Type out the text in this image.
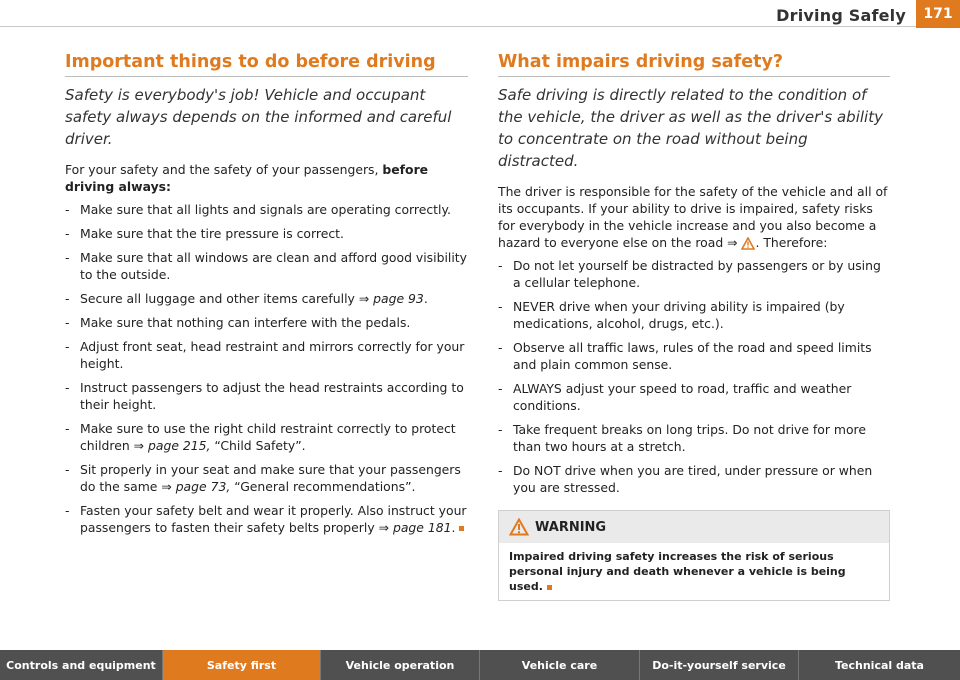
Driving Safely	171
Important things to do before driving

Safety is everybody's job! Vehicle and occupant safety always depends on the informed and careful driver.

For your safety and the safety of your passengers, before driving always:

- Make sure that all lights and signals are operating correctly.
- Make sure that the tire pressure is correct.
- Make sure that all windows are clean and afford good visibility to the outside.
- Secure all luggage and other items carefully ⇒ page 93.
- Make sure that nothing can interfere with the pedals.
- Adjust front seat, head restraint and mirrors correctly for your height.
- Instruct passengers to adjust the head restraints according to their height.
- Make sure to use the right child restraint correctly to protect children ⇒ page 215, “Child Safety”.
- Sit properly in your seat and make sure that your passengers do the same ⇒ page 73, “General recommendations”.
- Fasten your safety belt and wear it properly. Also instruct your passengers to fasten their safety belts properly ⇒ page 181.
What impairs driving safety?

Safe driving is directly related to the condition of the vehicle, the driver as well as the driver's ability to concentrate on the road without being distracted.

The driver is responsible for the safety of the vehicle and all of its occupants. If your ability to drive is impaired, safety risks for everybody in the vehicle increase and you also become a hazard to everyone else on the road ⇒ . Therefore:

- Do not let yourself be distracted by passengers or by using a cellular telephone.
- NEVER drive when your driving ability is impaired (by medications, alcohol, drugs, etc.).
- Observe all traffic laws, rules of the road and speed limits and plain common sense.
- ALWAYS adjust your speed to road, traffic and weather conditions.
- Take frequent breaks on long trips. Do not drive for more than two hours at a stretch.
- Do NOT drive when you are tired, under pressure or when you are stressed.
WARNING
Impaired driving safety increases the risk of serious personal injury and death whenever a vehicle is being used.
Controls and equipment	Safety first	Vehicle operation	Vehicle care	Do-it-yourself service	Technical data
